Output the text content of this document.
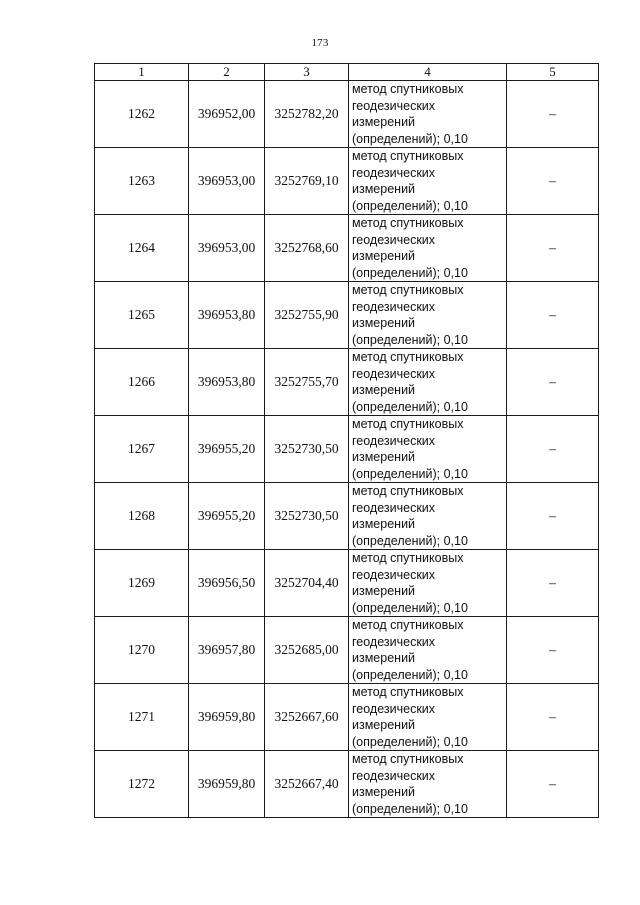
173
1	2	3	4	5
1262	396952,00	3252782,20	метод спутниковых
геодезических
измерений
(определений); 0,10	–
1263	396953,00	3252769,10	метод спутниковых
геодезических
измерений
(определений); 0,10	–
1264	396953,00	3252768,60	метод спутниковых
геодезических
измерений
(определений); 0,10	–
1265	396953,80	3252755,90	метод спутниковых
геодезических
измерений
(определений); 0,10	–
1266	396953,80	3252755,70	метод спутниковых
геодезических
измерений
(определений); 0,10	–
1267	396955,20	3252730,50	метод спутниковых
геодезических
измерений
(определений); 0,10	–
1268	396955,20	3252730,50	метод спутниковых
геодезических
измерений
(определений); 0,10	–
1269	396956,50	3252704,40	метод спутниковых
геодезических
измерений
(определений); 0,10	–
1270	396957,80	3252685,00	метод спутниковых
геодезических
измерений
(определений); 0,10	–
1271	396959,80	3252667,60	метод спутниковых
геодезических
измерений
(определений); 0,10	–
1272	396959,80	3252667,40	метод спутниковых
геодезических
измерений
(определений); 0,10	–
